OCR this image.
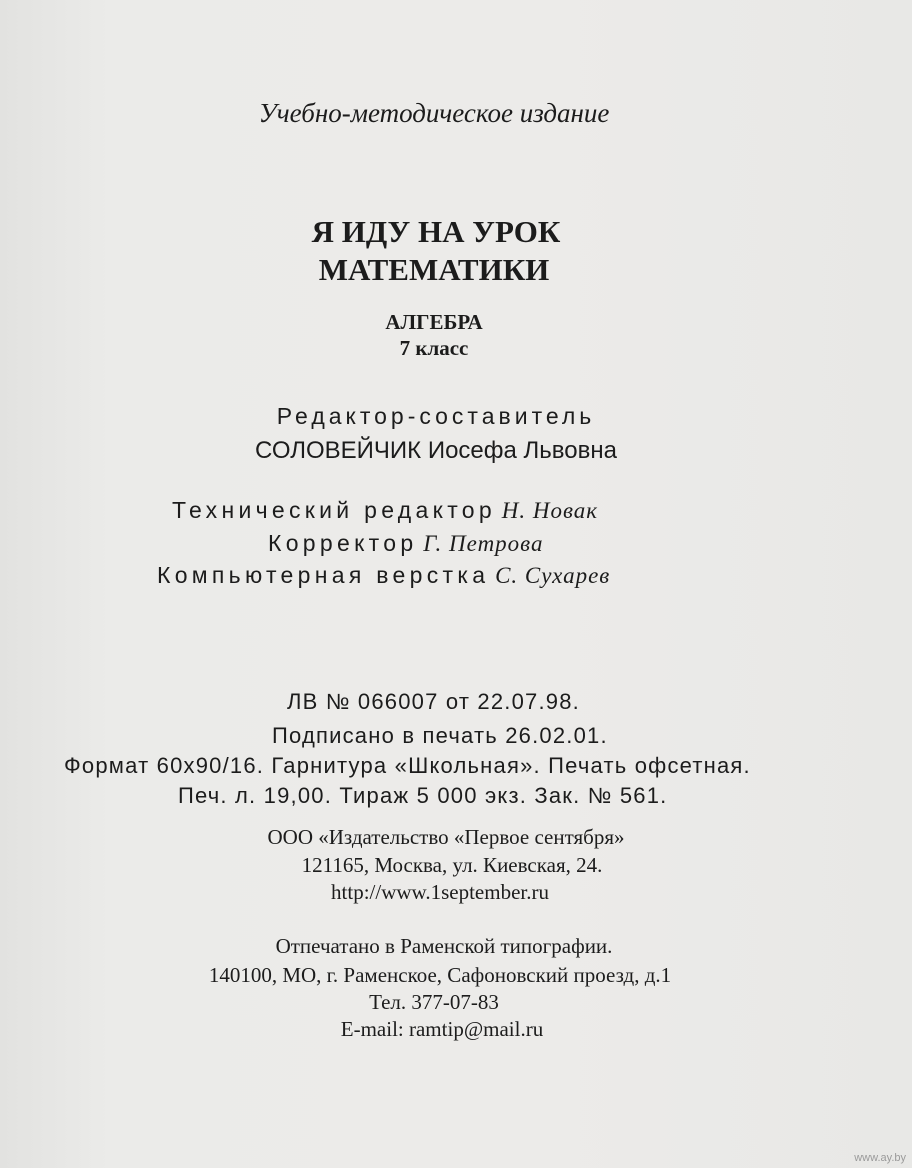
Учебно-методическое издание

Я ИДУ НА УРОК

МАТЕМАТИКИ

АЛГЕБРА

7 класс

Редактор-составитель

СОЛОВЕЙЧИК Иосефа Львовна

Технический редактор Н. Новак
Корректор Г. Петрова
Компьютерная верстка С. Сухарев

ЛВ № 066007 от 22.07.98.

Подписано в печать 26.02.01.

Формат 60х90/16. Гарнитура «Школьная». Печать офсетная.

Печ. л. 19,00. Тираж 5 000 экз. Зак. № 561.

ООО «Издательство «Первое сентября»

121165, Москва, ул. Киевская, 24.

http://www.1september.ru

Отпечатано в Раменской типографии.

140100, МО, г. Раменское, Сафоновский проезд, д.1

Тел. 377-07-83

E-mail: ramtip@mail.ru

www.ay.by
